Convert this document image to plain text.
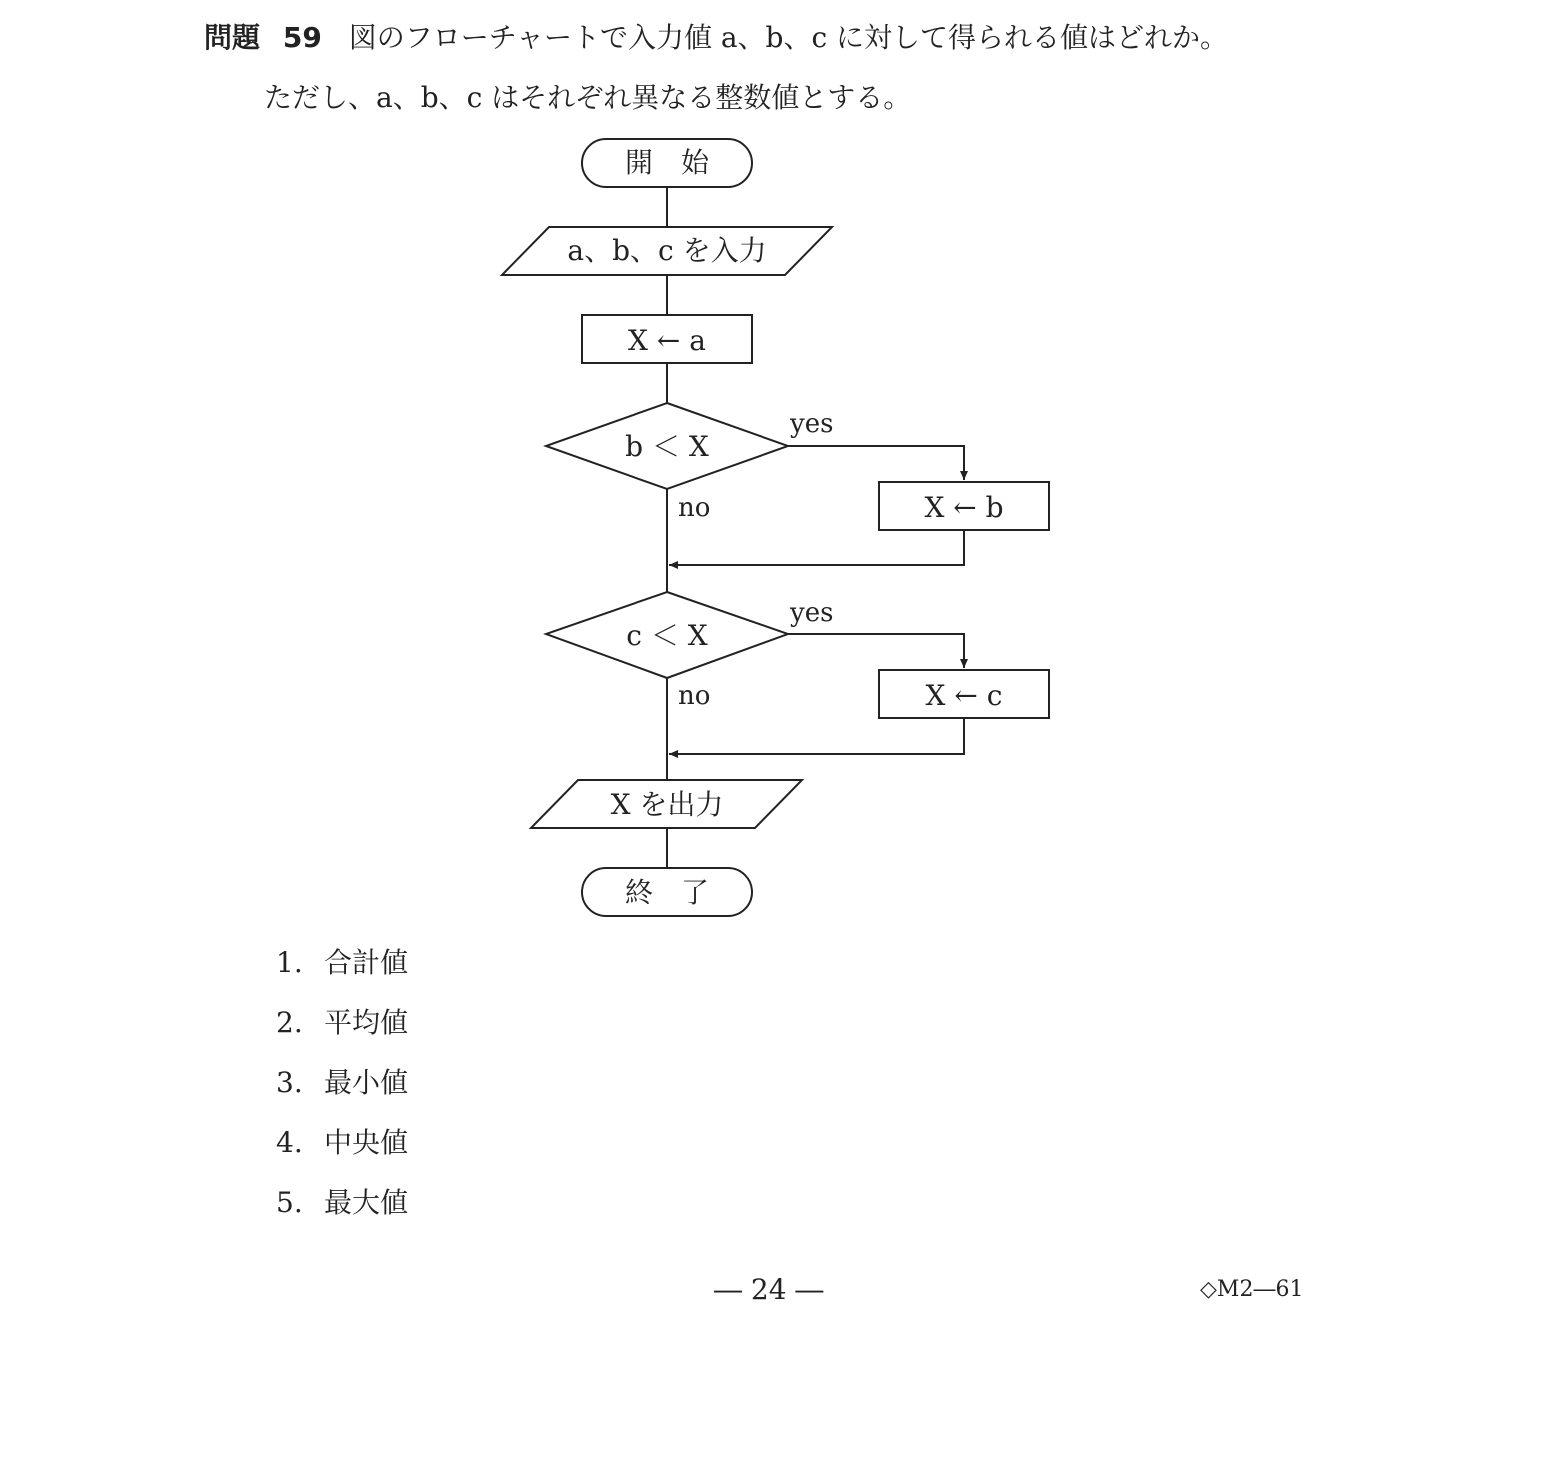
問題 59 図のフローチャートで入力値 a、b、c に対して得られる値はどれか。
ただし、a、b、c はそれぞれ異なる整数値とする。
開　始
a、b、c を入力
X ← a
b ＜ X
X ← b
c ＜ X
X ← c
X を出力
終　了
yes
no
yes
no
1. 合計値
2. 平均値
3. 最小値
4. 中央値
5. 最大値
― 24 ―	◇M2―61
